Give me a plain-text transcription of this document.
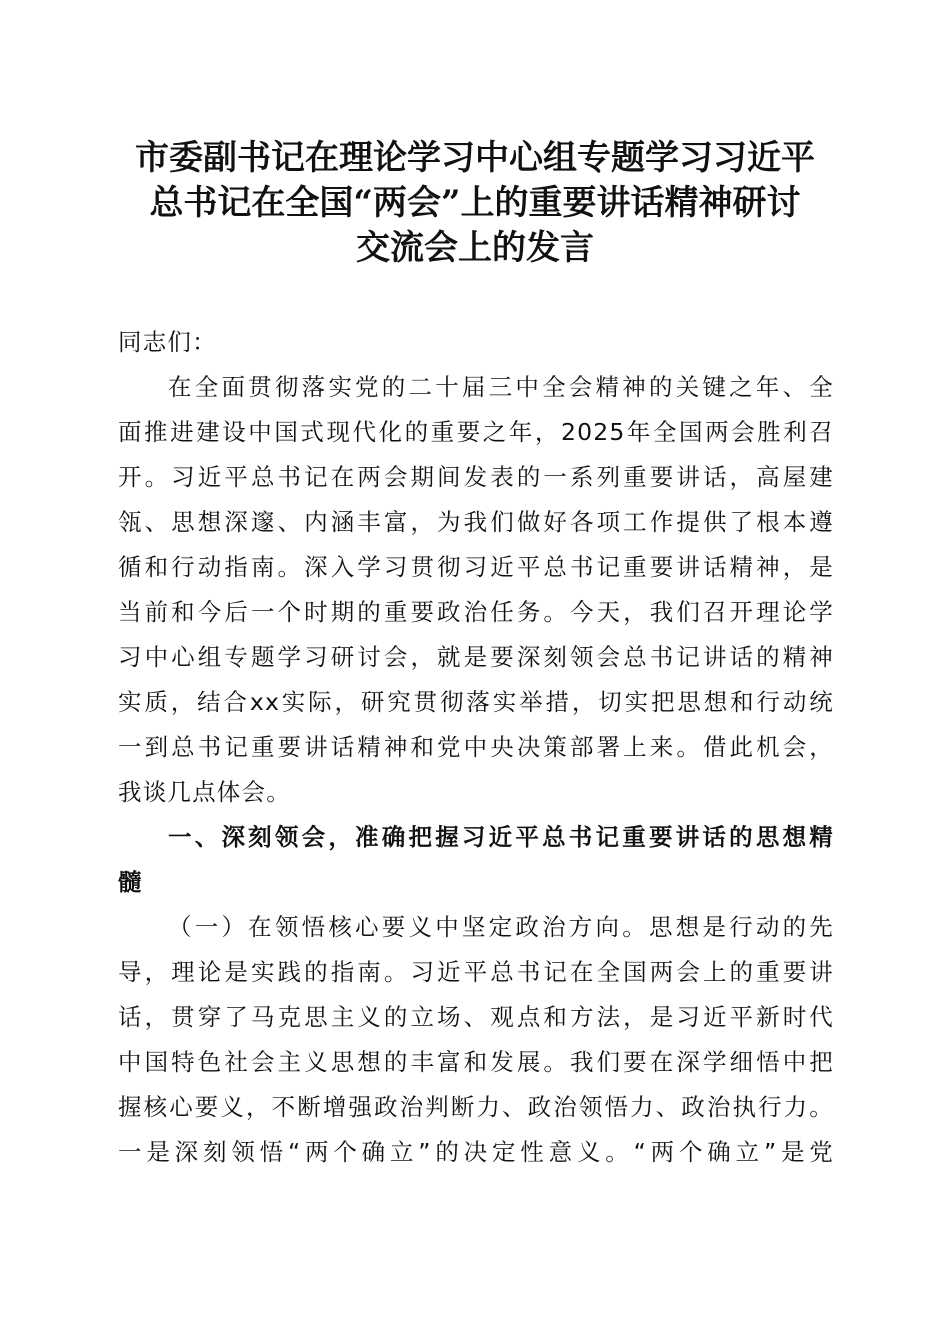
市委副书记在理论学习中心组专题学习习近平
总书记在全国“两会”上的重要讲话精神研讨
交流会上的发言

同志们：

在全面贯彻落实党的二十届三中全会精神的关键之年、全
面推进建设中国式现代化的重要之年，2025年全国两会胜利召
开。习近平总书记在两会期间发表的一系列重要讲话，高屋建
瓴、思想深邃、内涵丰富，为我们做好各项工作提供了根本遵
循和行动指南。深入学习贯彻习近平总书记重要讲话精神，是
当前和今后一个时期的重要政治任务。今天，我们召开理论学
习中心组专题学习研讨会，就是要深刻领会总书记讲话的精神
实质，结合xx实际，研究贯彻落实举措，切实把思想和行动统
一到总书记重要讲话精神和党中央决策部署上来。借此机会，
我谈几点体会。

一、深刻领会，准确把握习近平总书记重要讲话的思想精
髓

（一）在领悟核心要义中坚定政治方向。思想是行动的先
导，理论是实践的指南。习近平总书记在全国两会上的重要讲
话，贯穿了马克思主义的立场、观点和方法，是习近平新时代
中国特色社会主义思想的丰富和发展。我们要在深学细悟中把
握核心要义，不断增强政治判断力、政治领悟力、政治执行力。
一是深刻领悟“两个确立”的决定性意义。“两个确立”是党
